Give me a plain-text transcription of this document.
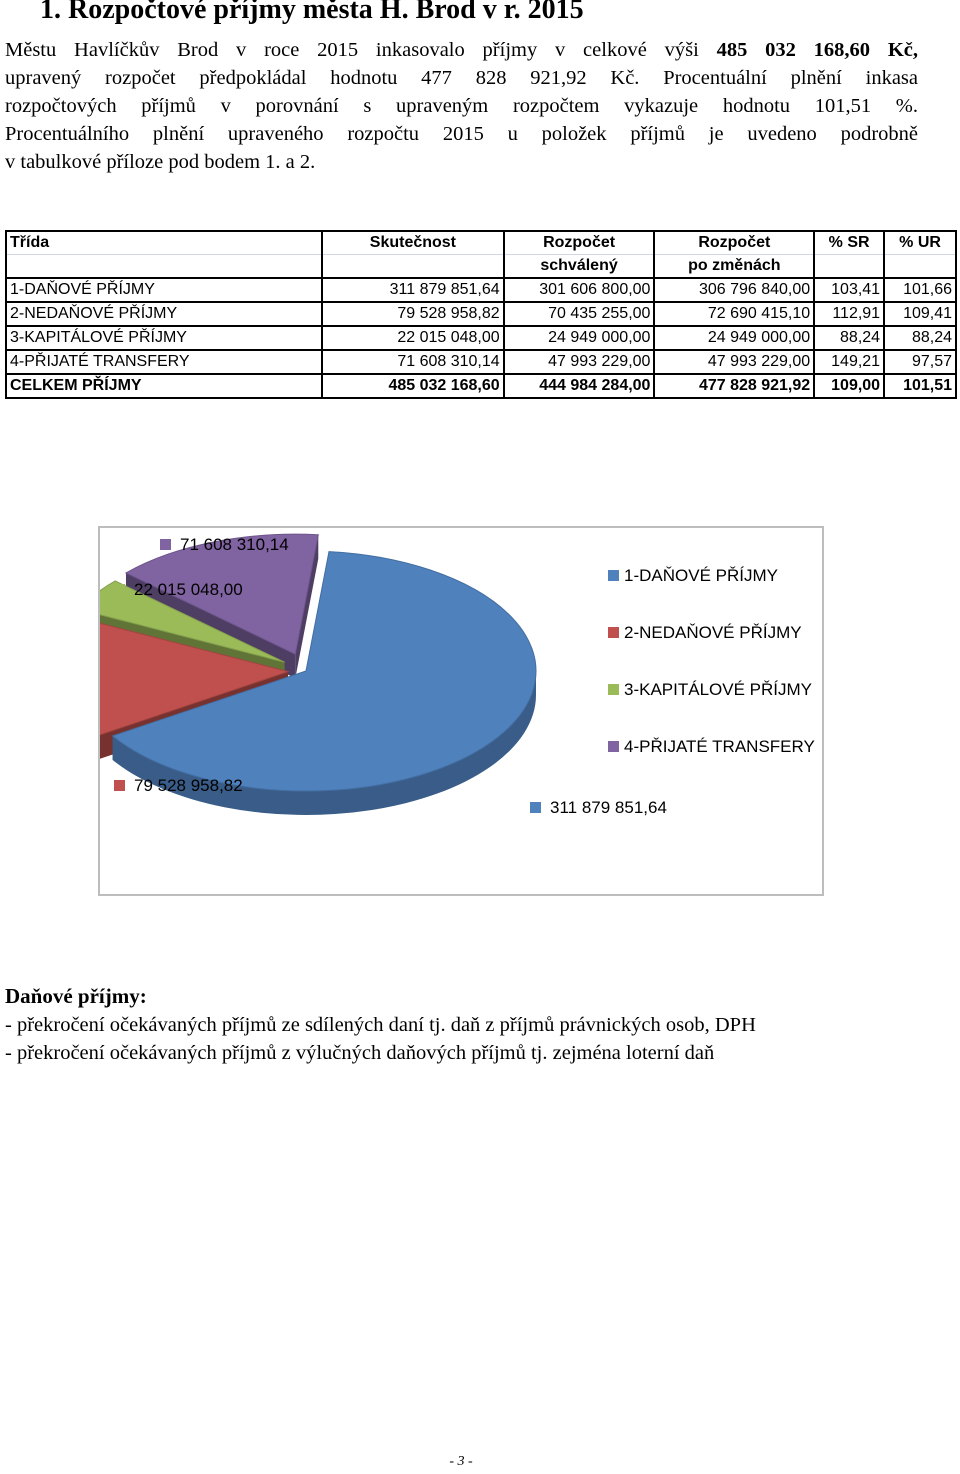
1. Rozpočtové příjmy města H. Brod v r. 2015
Městu Havlíčkův Brod v roce 2015 inkasovalo příjmy v celkové výši 485 032 168,60 Kč,
upravený rozpočet předpokládal hodnotu 477 828 921,92 Kč. Procentuální plnění inkasa
rozpočtových příjmů v porovnání s upraveným rozpočtem vykazuje hodnotu 101,51 %.
Procentuálního plnění upraveného rozpočtu 2015 u položek příjmů je uvedeno podrobně
v tabulkové příloze pod bodem 1. a 2.
Třída	Skutečnost	Rozpočet	Rozpočet	% SR	% UR
		schválený	po změnách		
1-DAŇOVÉ PŘÍJMY	311 879 851,64	301 606 800,00	306 796 840,00	103,41	101,66
2-NEDAŇOVÉ PŘÍJMY	79 528 958,82	70 435 255,00	72 690 415,10	112,91	109,41
3-KAPITÁLOVÉ PŘÍJMY	22 015 048,00	24 949 000,00	24 949 000,00	88,24	88,24
4-PŘIJATÉ TRANSFERY	71 608 310,14	47 993 229,00	47 993 229,00	149,21	97,57
CELKEM PŘÍJMY	485 032 168,60	444 984 284,00	477 828 921,92	109,00	101,51
311 879 851,64
79 528 958,82
22 015 048,00
71 608 310,14
1-DAŇOVÉ PŘÍJMY
2-NEDAŇOVÉ PŘÍJMY
3-KAPITÁLOVÉ PŘÍJMY
4-PŘIJATÉ TRANSFERY

Daňové příjmy:

- překročení očekávaných příjmů ze sdílených daní tj. daň z příjmů právnických osob, DPH
- překročení očekávaných příjmů z výlučných daňových příjmů tj. zejména loterní daň
- 3 -
